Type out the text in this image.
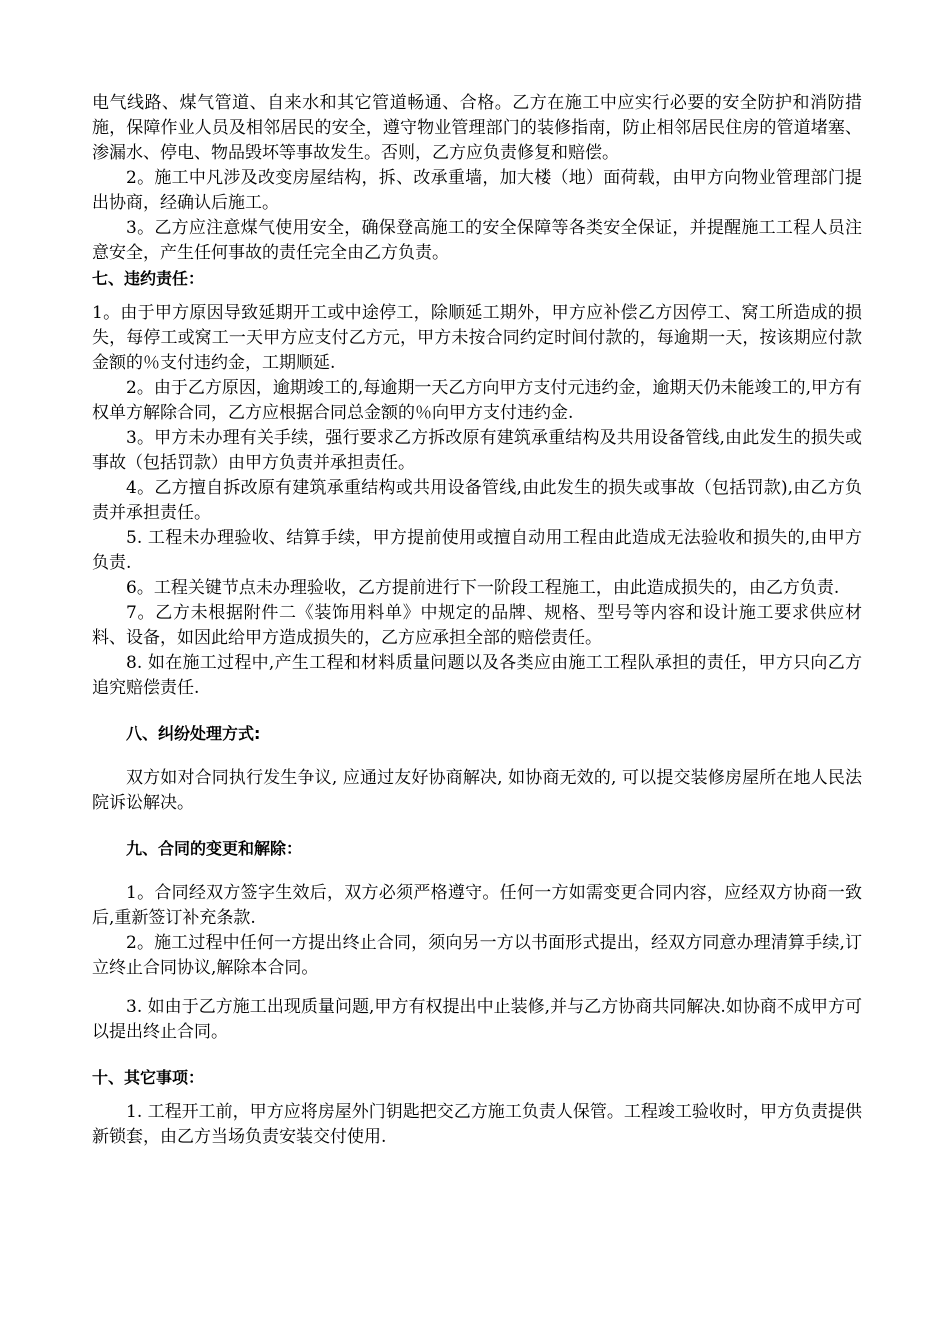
电气线路、煤气管道、自来水和其它管道畅通、合格。乙方在施工中应实行必要的安全防护和消防措施，保障作业人员及相邻居民的安全，遵守物业管理部门的装修指南，防止相邻居民住房的管道堵塞、渗漏水、停电、物品毁坏等事故发生。否则，乙方应负责修复和赔偿。

2。施工中凡涉及改变房屋结构，拆、改承重墙，加大楼（地）面荷载，由甲方向物业管理部门提出协商，经确认后施工。

3。乙方应注意煤气使用安全，确保登高施工的安全保障等各类安全保证，并提醒施工工程人员注意安全，产生任何事故的责任完全由乙方负责。

七、违约责任：

1。由于甲方原因导致延期开工或中途停工，除顺延工期外，甲方应补偿乙方因停工、窝工所造成的损失，每停工或窝工一天甲方应支付乙方元，甲方未按合同约定时间付款的，每逾期一天，按该期应付款金额的％支付违约金，工期顺延.

2。由于乙方原因，逾期竣工的,每逾期一天乙方向甲方支付元违约金，逾期天仍未能竣工的,甲方有权单方解除合同，乙方应根据合同总金额的％向甲方支付违约金.

3。甲方未办理有关手续，强行要求乙方拆改原有建筑承重结构及共用设备管线,由此发生的损失或事故（包括罚款）由甲方负责并承担责任。

4。乙方擅自拆改原有建筑承重结构或共用设备管线,由此发生的损失或事故（包括罚款),由乙方负责并承担责任。

5. 工程未办理验收、结算手续，甲方提前使用或擅自动用工程由此造成无法验收和损失的,由甲方负责.

6。工程关键节点未办理验收，乙方提前进行下一阶段工程施工，由此造成损失的，由乙方负责.

7。乙方未根据附件二《装饰用料单》中规定的品牌、规格、型号等内容和设计施工要求供应材料、设备，如因此给甲方造成损失的，乙方应承担全部的赔偿责任。

8. 如在施工过程中,产生工程和材料质量问题以及各类应由施工工程队承担的责任，甲方只向乙方追究赔偿责任.

八、纠纷处理方式:

双方如对合同执行发生争议, 应通过友好协商解决, 如协商无效的, 可以提交装修房屋所在地人民法院诉讼解决。

九、合同的变更和解除：

1。合同经双方签字生效后，双方必须严格遵守。任何一方如需变更合同内容，应经双方协商一致后,重新签订补充条款.

2。施工过程中任何一方提出终止合同，须向另一方以书面形式提出，经双方同意办理清算手续,订立终止合同协议,解除本合同。

3. 如由于乙方施工出现质量问题,甲方有权提出中止装修,并与乙方协商共同解决.如协商不成甲方可以提出终止合同。

十、其它事项：

1. 工程开工前，甲方应将房屋外门钥匙把交乙方施工负责人保管。工程竣工验收时，甲方负责提供新锁套，由乙方当场负责安装交付使用.
